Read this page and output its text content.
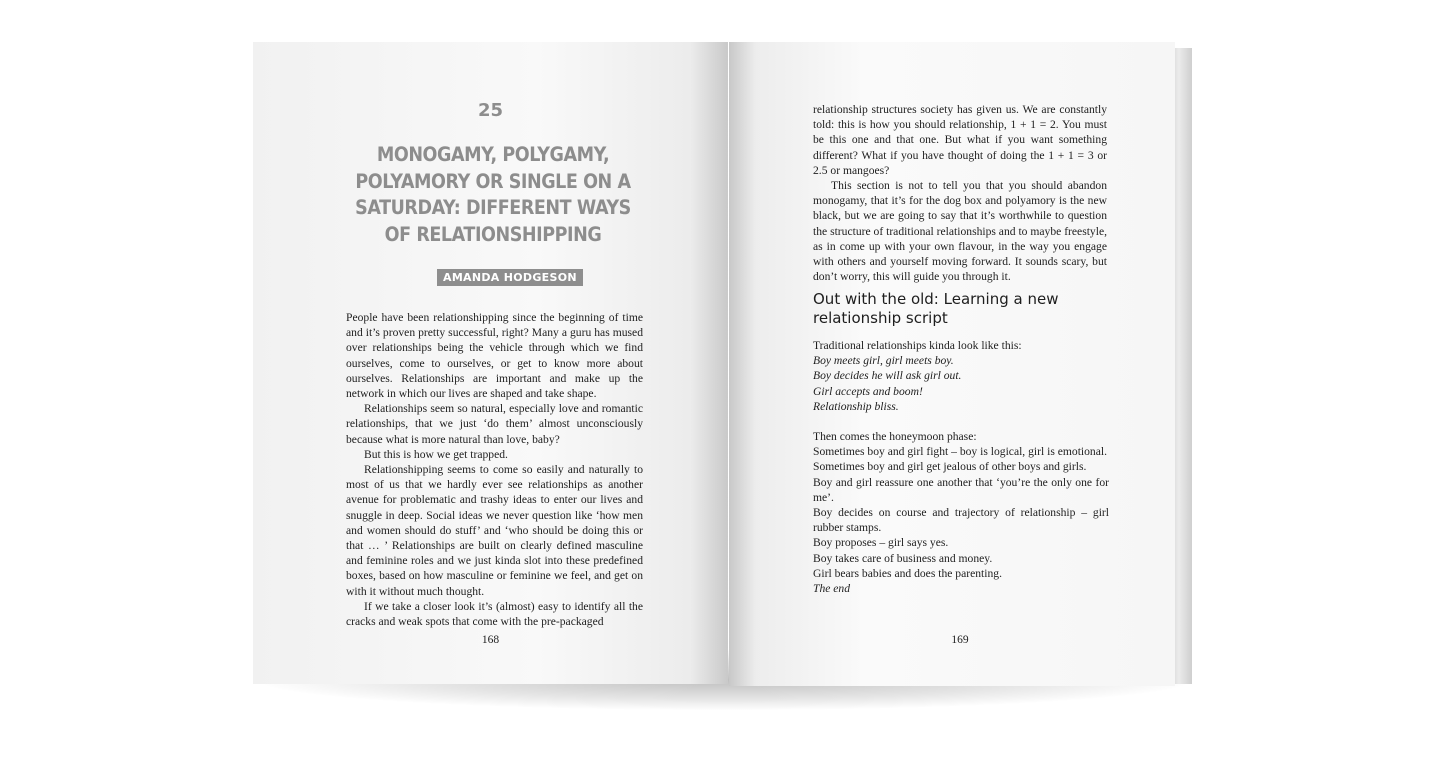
25
MONOGAMY, POLYGAMY, POLYAMORY OR SINGLE ON A SATURDAY: DIFFERENT WAYS OF RELATIONSHIPPING
AMANDA HODGESON

People have been relationshipping since the beginning of time and it’s proven pretty successful, right? Many a guru has mused over relationships being the vehicle through which we find ourselves, come to ourselves, or get to know more about ourselves. Relationships are important and make up the network in which our lives are shaped and take shape.

Relationships seem so natural, especially love and romantic relationships, that we just ‘do them’ almost unconsciously because what is more natural than love, baby?

But this is how we get trapped.

Relationshipping seems to come so easily and naturally to most of us that we hardly ever see relationships as another avenue for problematic and trashy ideas to enter our lives and snuggle in deep. Social ideas we never question like ‘how men and women should do stuff’ and ‘who should be doing this or that … ’ Relationships are built on clearly defined masculine and feminine roles and we just kinda slot into these predefined boxes, based on how masculine or feminine we feel, and get on with it without much thought.

If we take a closer look it’s (almost) easy to identify all the cracks and weak spots that come with the pre-packaged

168

relationship structures society has given us. We are constantly told: this is how you should relationship, 1 + 1 = 2. You must be this one and that one. But what if you want something different? What if you have thought of doing the 1 + 1 = 3 or 2.5 or mangoes?

This section is not to tell you that you should abandon monogamy, that it’s for the dog box and polyamory is the new black, but we are going to say that it’s worthwhile to question the structure of traditional relationships and to maybe freestyle, as in come up with your own flavour, in the way you engage with others and yourself moving forward. It sounds scary, but don’t worry, this will guide you through it.

Out with the old: Learning a new relationship script
Traditional relationships kinda look like this:
Boy meets girl, girl meets boy.
Boy decides he will ask girl out.
Girl accepts and boom!
Relationship bliss.
Then comes the honeymoon phase:
Sometimes boy and girl fight – boy is logical, girl is emotional.
Sometimes boy and girl get jealous of other boys and girls.
Boy and girl reassure one another that ‘you’re the only one for me’.
Boy decides on course and trajectory of relationship – girl rubber stamps.
Boy proposes – girl says yes.
Boy takes care of business and money.
Girl bears babies and does the parenting.
The end
169
